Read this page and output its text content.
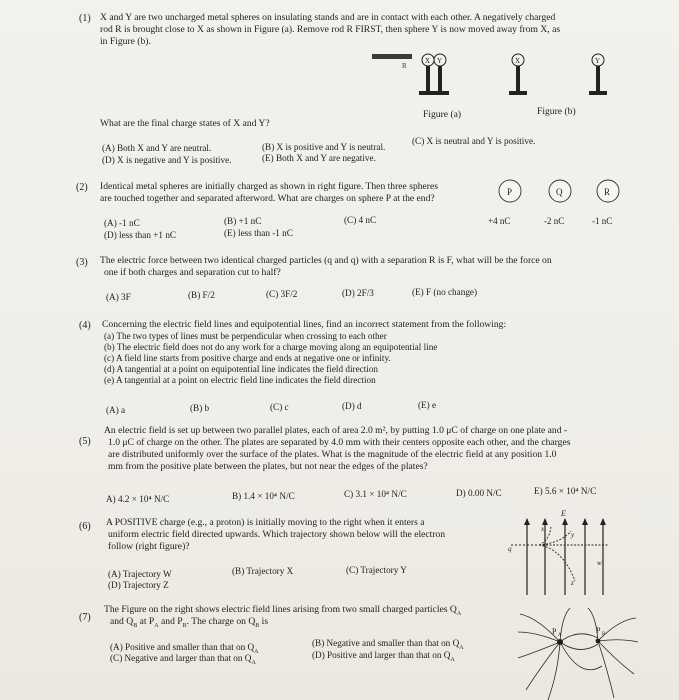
(1) X and Y are two uncharged metal spheres on insulating stands and are in contact with each other. A negatively charged
rod R is brought close to X as shown in Figure (a). Remove rod R FIRST, then sphere Y is now moved away from X, as
in Figure (b).
R
X Y	X	Y
Figure (a)	Figure (b)
What are the final charge states of X and Y?
(A) Both X and Y are neutral.	(B) X is positive and Y is neutral.
(C) X is neutral and Y is positive.
(D) X is negative and Y is positive.	(E) Both X and Y are negative.
(2) Identical metal spheres are initially charged as shown in right figure. Then three spheres
are touched together and separated afterword. What are charges on sphere P at the end?
P	Q	R
+4 nC	-2 nC	-1 nC
(A) -1 nC	(B) +1 nC	(C) 4 nC
(D) less than +1 nC	(E) less than -1 nC
(3) The electric force between two identical charged particles (q and q) with a separation R is F, what will be the force on
one if both charges and separation cut to half?
(A) 3F	(B) F/2	(C) 3F/2	(D) 2F/3	(E) F (no change)
(4) Concerning the electric field lines and equipotential lines, find an incorrect statement from the following:
(a) The two types of lines must be perpendicular when crossing to each other
(b) The electric field does not do any work for a charge moving along an equipotential line
(c) A field line starts from positive charge and ends at negative one or infinity.
(d) A tangential at a point on equipotential line indicates the field direction
(e) A tangential at a point on electric field line indicates the field direction
(A) a	(B) b	(C) c	(D) d	(E) e
(5)
An electric field is set up between two parallel plates, each of area 2.0 m², by putting 1.0 μC of charge on one plate and -
1.0 μC of charge on the other. The plates are separated by 4.0 mm with their centers opposite each other, and the charges
are distributed uniformly over the surface of the plates. What is the magnitude of the electric field at any position 1.0
mm from the positive plate between the plates, but not near the edges of the plates?
A) 4.2 × 10⁴ N/C	B) 1.4 × 10⁴ N/C	C) 3.1 × 10⁴ N/C	D) 0.00 N/C	E) 5.6 × 10⁴ N/C
(6) A POSITIVE charge (e.g., a proton) is initially moving to the right when it enters a
uniform electric field directed upwards. Which trajectory shown below will the electron
follow (right figure)?
E
q
x
y
w
z
(A) Trajectory W	(B) Trajectory X	(C) Trajectory Y
(D) Trajectory Z
(7)
The Figure on the right shows electric field lines arising from two small charged particles $Q_A$
and $Q_B$ at $P_A$ and $P_B$. The charge on $Q_B$ is
(A) Positive and smaller than that on $Q_A$
(B) Negative and smaller than that on $Q_A$
(C) Negative and larger than that on $Q_A$
(D) Positive and larger than that on $Q_A$
P A
P B
